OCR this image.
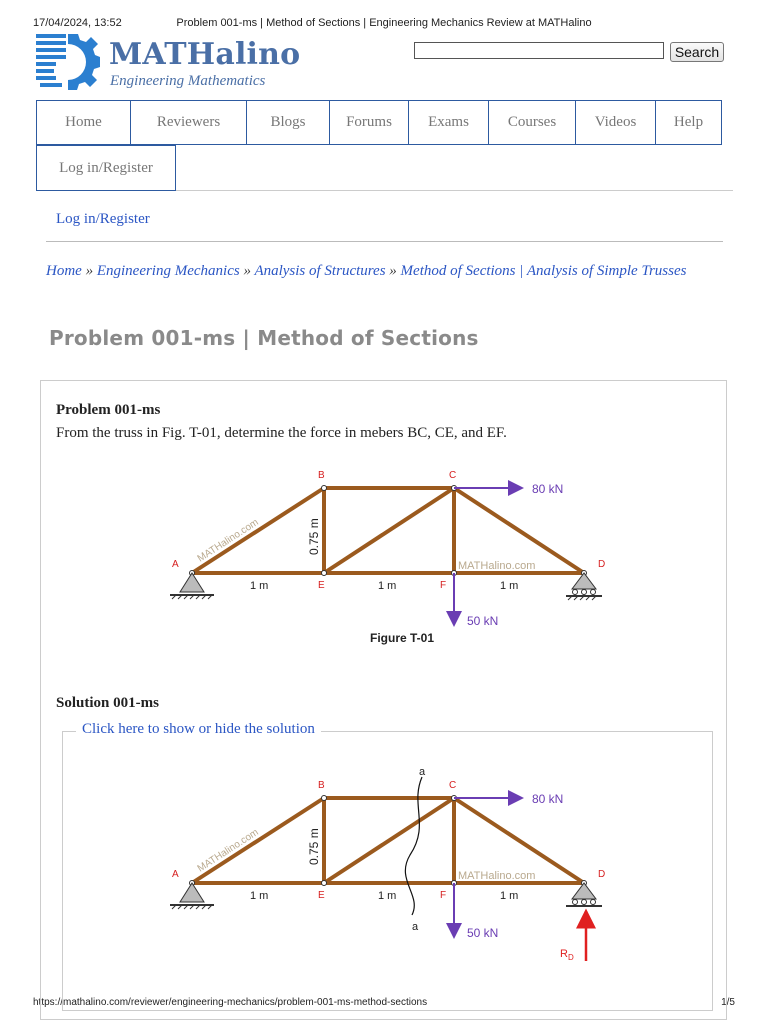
17/04/2024, 13:52	Problem 001-ms | Method of Sections | Engineering Mechanics Review at MATHalino
https://mathalino.com/reviewer/engineering-mechanics/problem-001-ms-method-sections	1/5
MATHalino
Engineering Mathematics
Search
Home	Reviewers	Blogs	Forums	Exams	Courses	Videos	Help
Log in/Register
Log in/Register
Home » Engineering Mechanics » Analysis of Structures » Method of Sections | Analysis of Simple Trusses
Problem 001-ms | Method of Sections
Problem 001-ms
From the truss in Fig. T-01, determine the force in mebers BC, CE, and EF.
Figure T-01
80 kN
50 kN
A
B	C
D
E	F
1 m	1 m	1 m
0.75 m
MATHalino.com
MATHalino.com
Solution 001-ms
Click here to show or hide the solution
a
a
80 kN
50 kN
$R_D$
A
B	C
D
E	F
1 m	1 m	1 m
0.75 m
MATHalino.com
MATHalino.com
